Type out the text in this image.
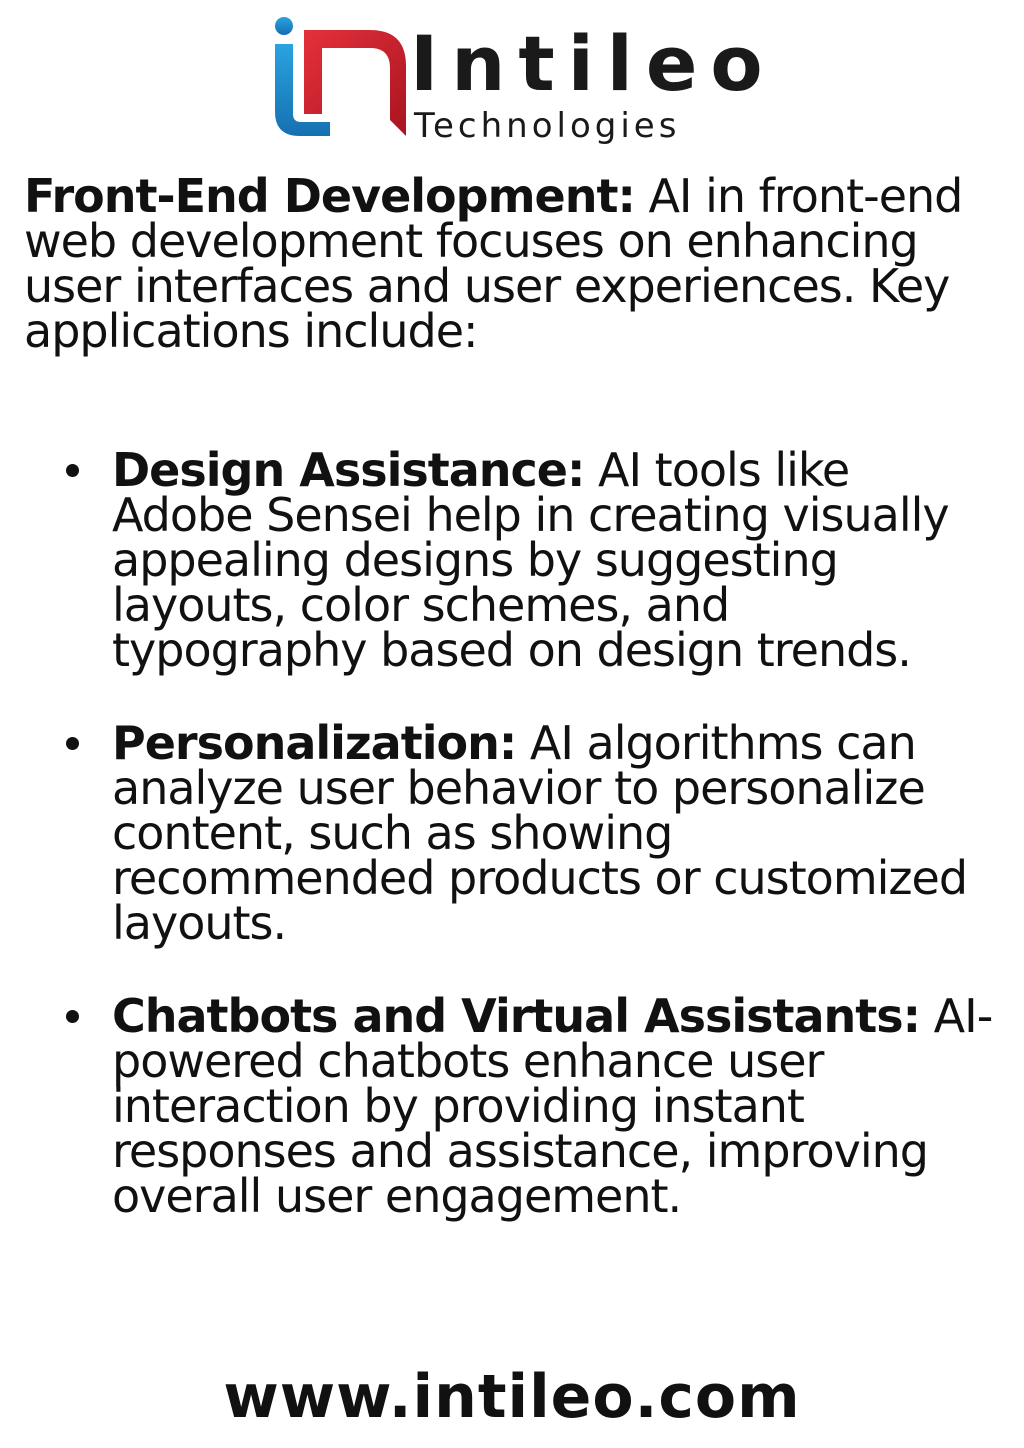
Intileo
Technologies

Front-End Development: AI in front-end web development focuses on enhancing user interfaces and user experiences. Key applications include:

Design Assistance: AI tools like Adobe Sensei help in creating visually appealing designs by suggesting layouts, color schemes, and typography based on design trends.
Personalization: AI algorithms can analyze user behavior to personalize content, such as showing recommended products or customized layouts.
Chatbots and Virtual Assistants: AI-powered chatbots enhance user interaction by providing instant responses and assistance, improving overall user engagement.
www.intileo.com
